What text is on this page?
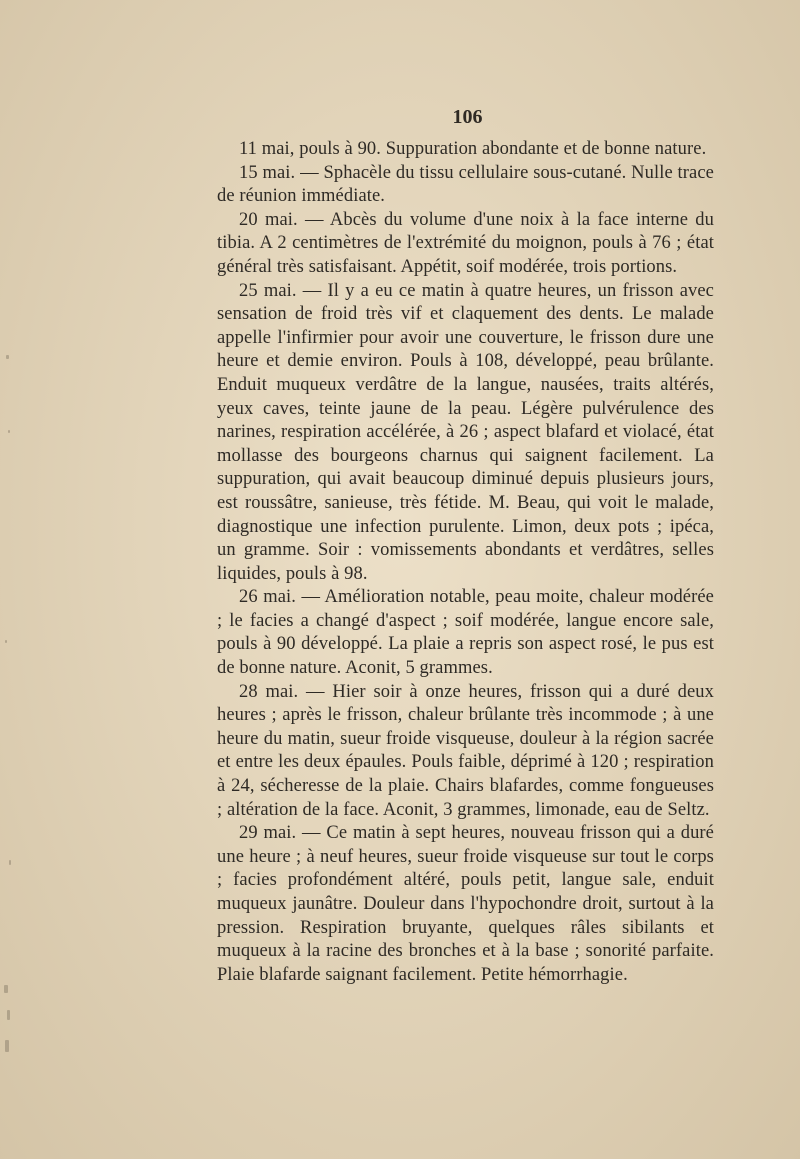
106

11 mai, pouls à 90. Suppuration abondante et de bonne nature.

15 mai. — Sphacèle du tissu cellulaire sous-cutané. Nulle trace de réunion immédiate.

20 mai. — Abcès du volume d'une noix à la face interne du tibia. A 2 centimètres de l'extrémité du moignon, pouls à 76 ; état général très satisfaisant. Appétit, soif modérée, trois portions.

25 mai. — Il y a eu ce matin à quatre heures, un frisson avec sensation de froid très vif et claquement des dents. Le malade appelle l'infirmier pour avoir une couverture, le frisson dure une heure et demie environ. Pouls à 108, développé, peau brûlante. Enduit muqueux verdâtre de la langue, nausées, traits altérés, yeux caves, teinte jaune de la peau. Légère pulvérulence des narines, respiration accélérée, à 26 ; aspect blafard et violacé, état mollasse des bourgeons charnus qui saignent facilement. La suppuration, qui avait beaucoup diminué depuis plusieurs jours, est roussâtre, sanieuse, très fétide. M. Beau, qui voit le malade, diagnostique une infection purulente. Limon, deux pots ; ipéca, un gramme. Soir : vomissements abondants et verdâtres, selles liquides, pouls à 98.

26 mai. — Amélioration notable, peau moite, chaleur modérée ; le facies a changé d'aspect ; soif modérée, langue encore sale, pouls à 90 développé. La plaie a repris son aspect rosé, le pus est de bonne nature. Aconit, 5 grammes.

28 mai. — Hier soir à onze heures, frisson qui a duré deux heures ; après le frisson, chaleur brûlante très incommode ; à une heure du matin, sueur froide visqueuse, douleur à la région sacrée et entre les deux épaules. Pouls faible, déprimé à 120 ; respiration à 24, sécheresse de la plaie. Chairs blafardes, comme fongueuses ; altération de la face. Aconit, 3 grammes, limonade, eau de Seltz.

29 mai. — Ce matin à sept heures, nouveau frisson qui a duré une heure ; à neuf heures, sueur froide visqueuse sur tout le corps ; facies profondément altéré, pouls petit, langue sale, enduit muqueux jaunâtre. Douleur dans l'hypochondre droit, surtout à la pression. Respiration bruyante, quelques râles sibilants et muqueux à la racine des bronches et à la base ; sonorité parfaite. Plaie blafarde saignant facilement. Petite hémorrhagie.
